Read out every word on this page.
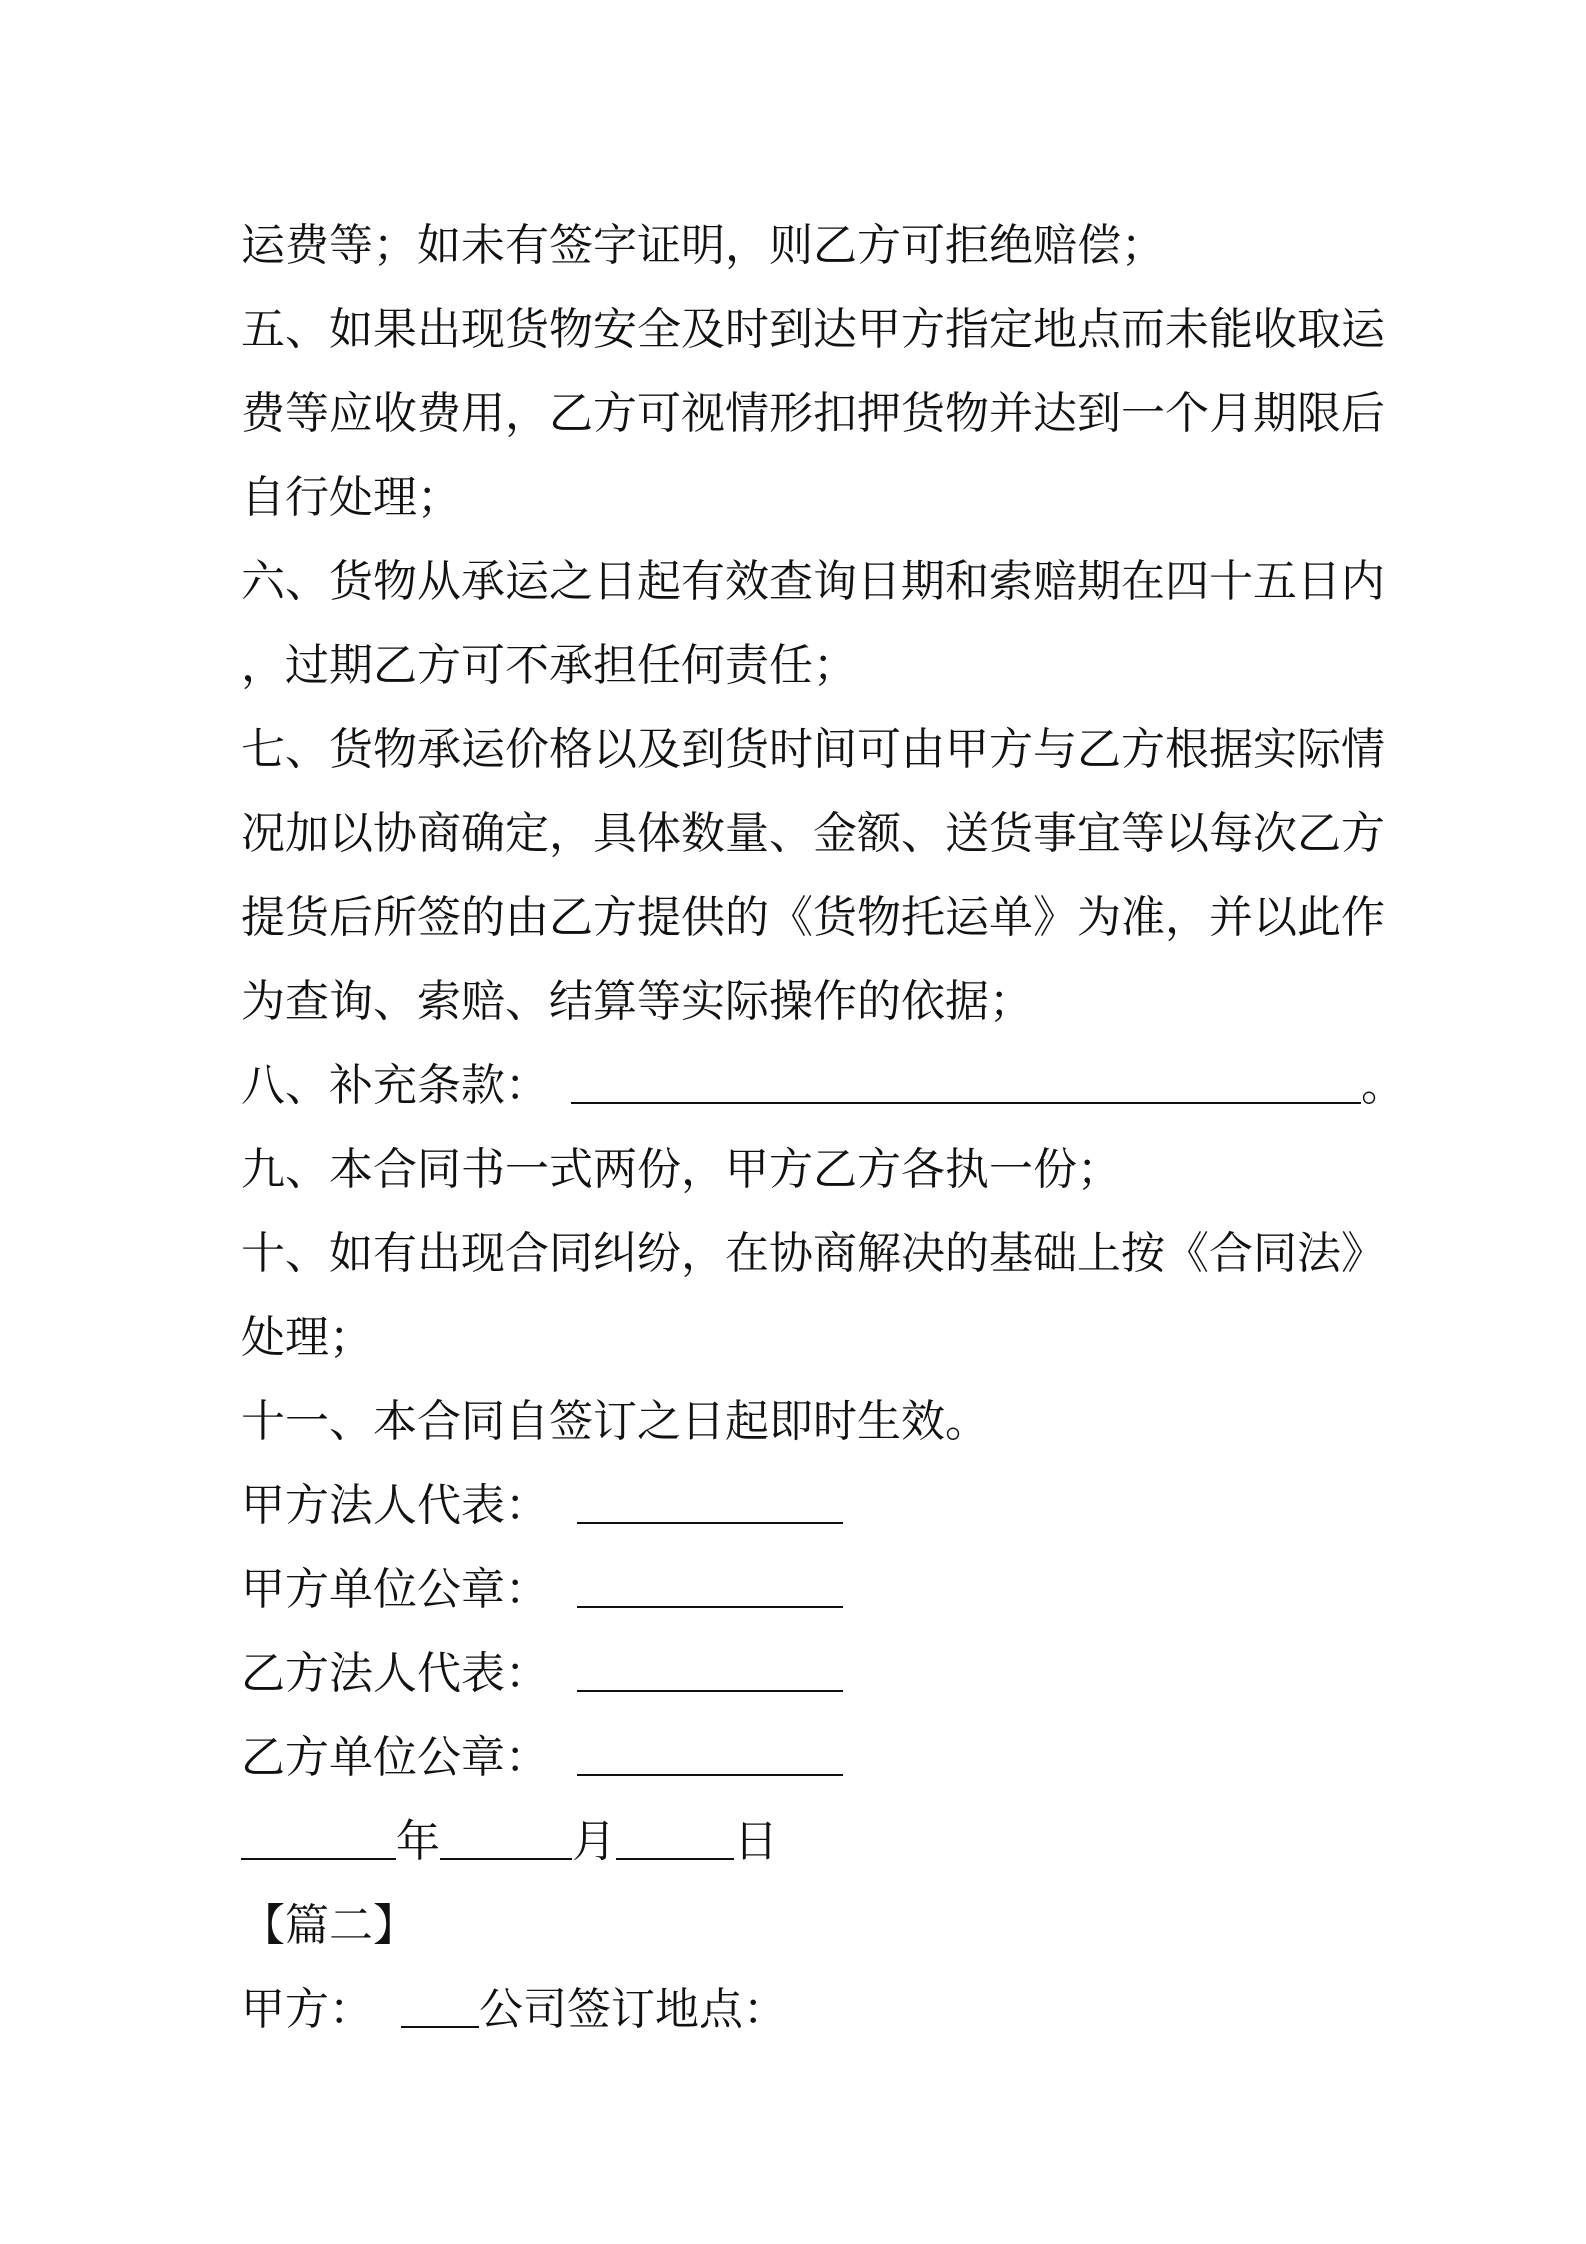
运费等；如未有签字证明，则乙方可拒绝赔偿；
五、如果出现货物安全及时到达甲方指定地点而未能收取运
费等应收费用，乙方可视情形扣押货物并达到一个月期限后
自行处理；
六、货物从承运之日起有效查询日期和索赔期在四十五日内
，过期乙方可不承担任何责任；
七、货物承运价格以及到货时间可由甲方与乙方根据实际情
况加以协商确定，具体数量、金额、送货事宜等以每次乙方
提货后所签的由乙方提供的《货物托运单》为准，并以此作
为查询、索赔、结算等实际操作的依据；
八、补充条款：	。
九、本合同书一式两份，甲方乙方各执一份；
十、如有出现合同纠纷，在协商解决的基础上按《合同法》
处理；
十一、本合同自签订之日起即时生效。
甲方法人代表：
甲方单位公章：
乙方法人代表：
乙方单位公章：
年	月	日
【篇二】
甲方： 公司签订地点：
